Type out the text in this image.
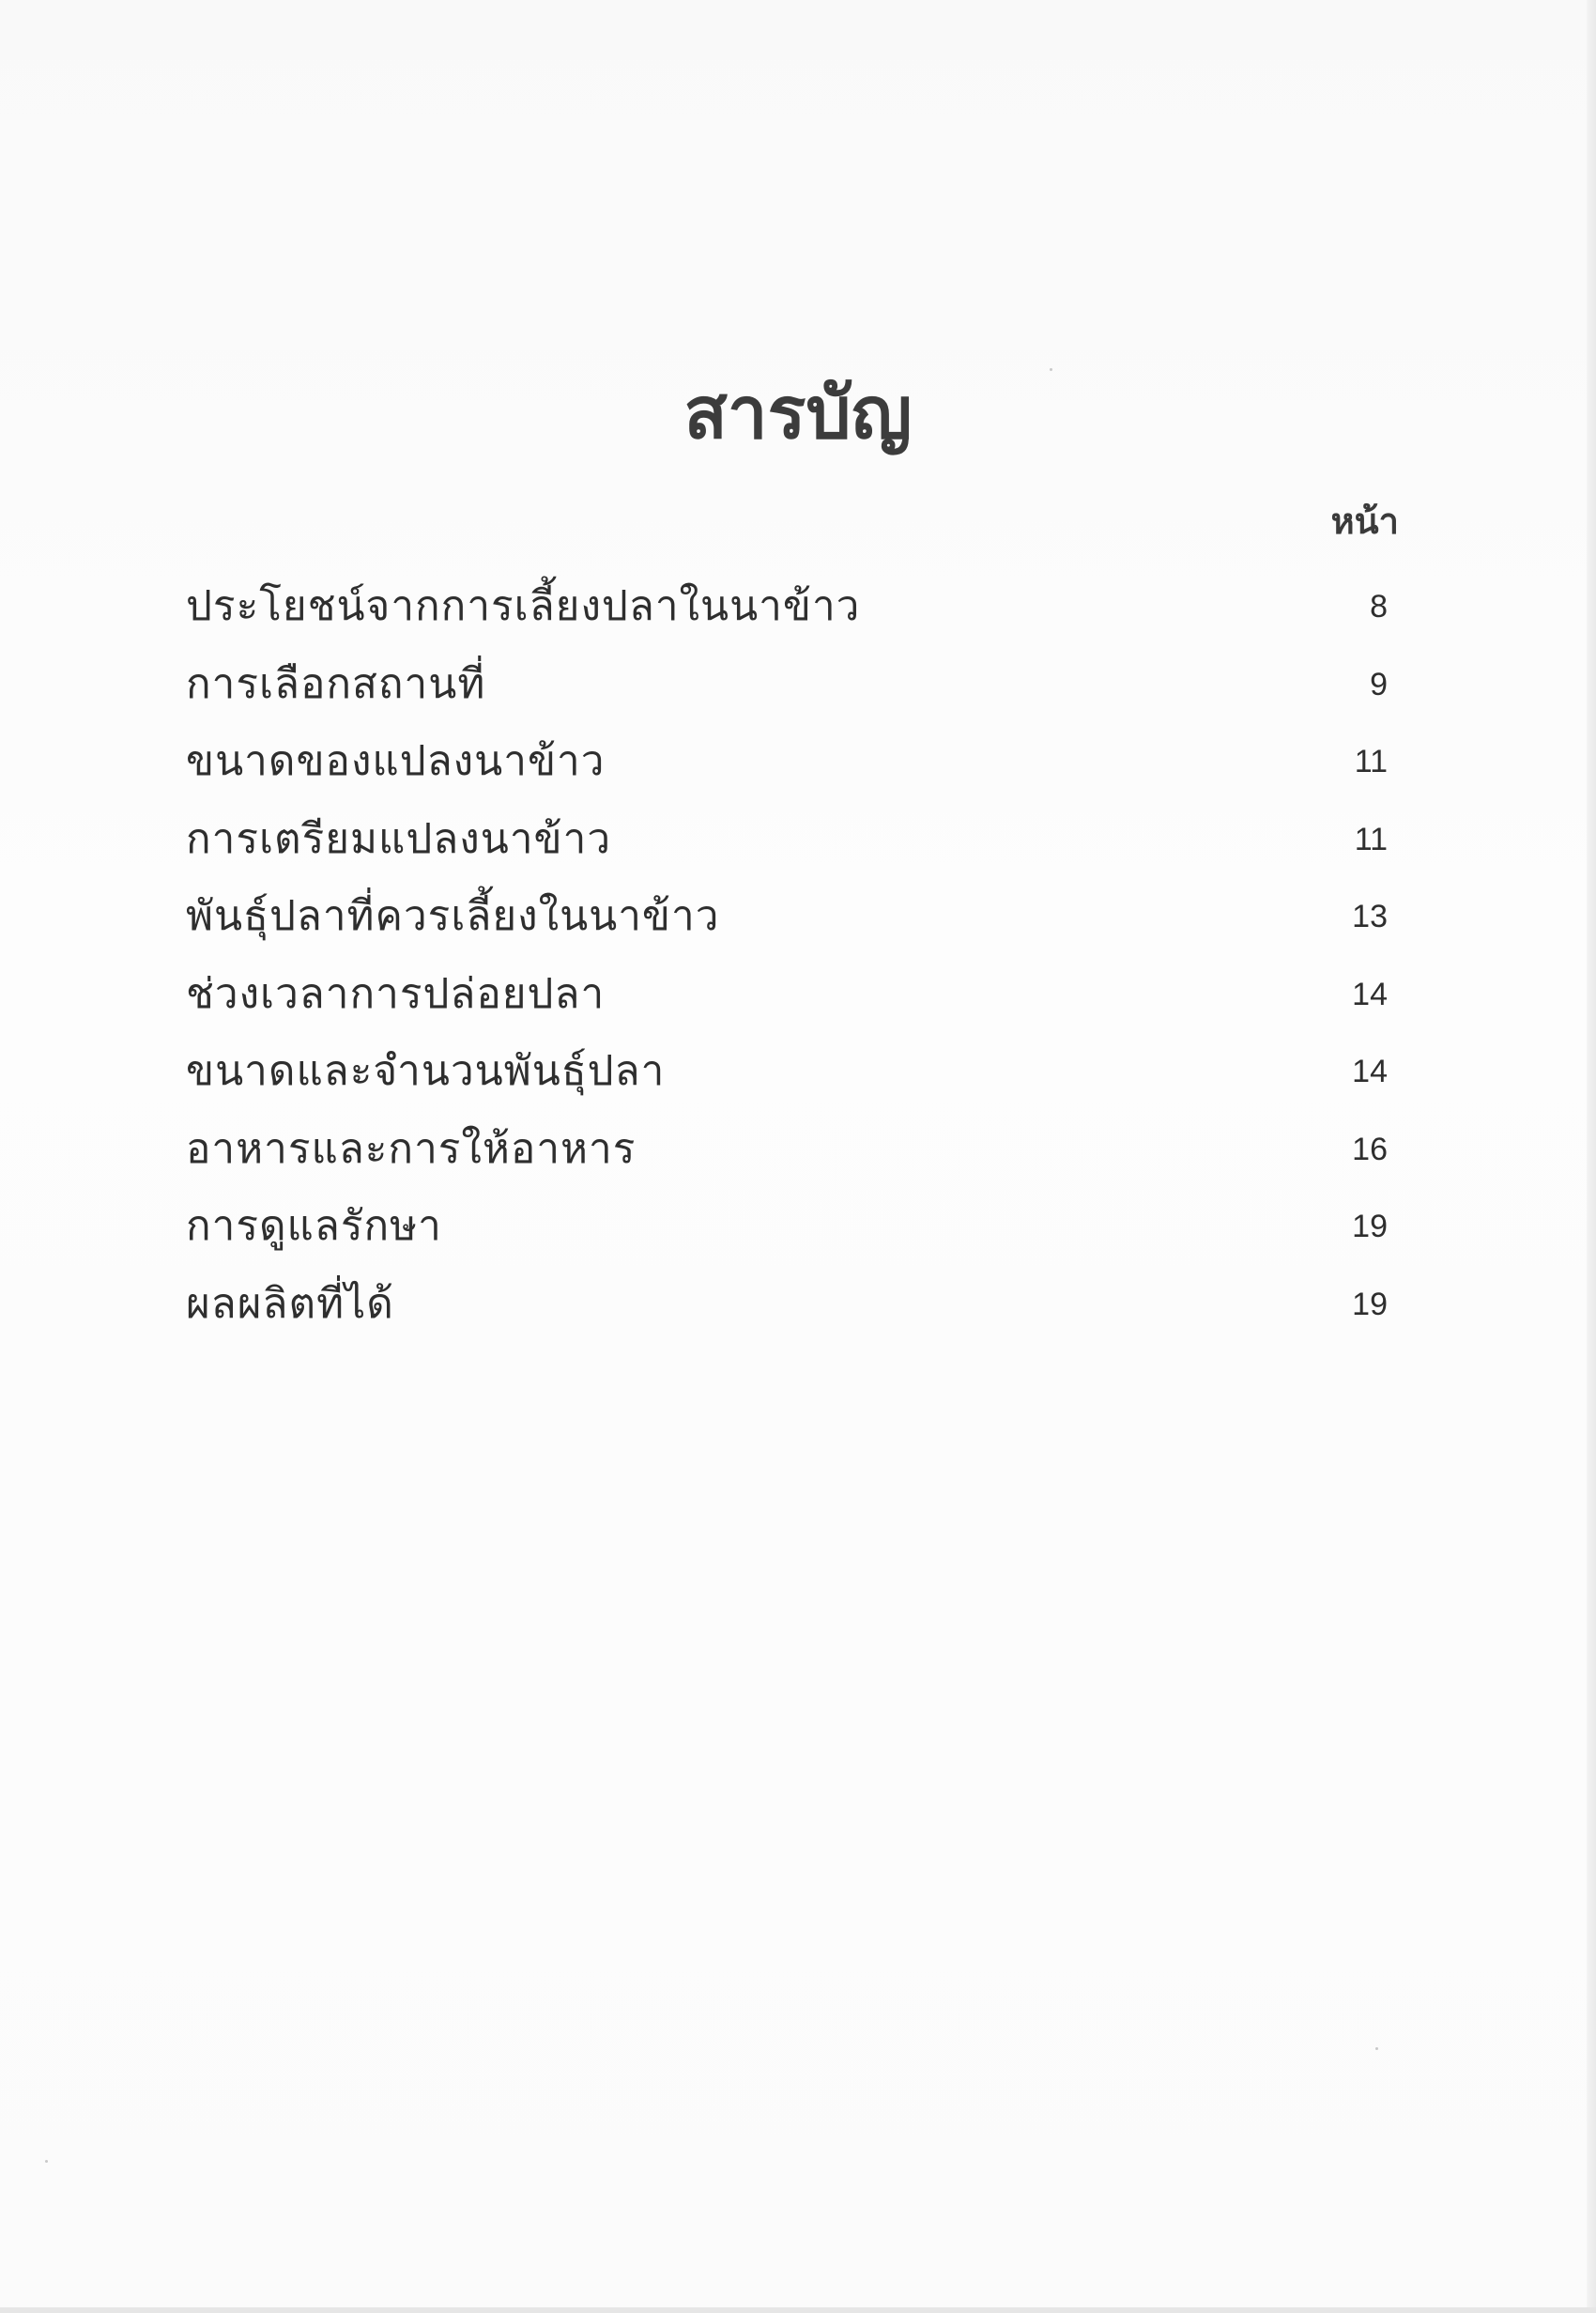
สารบัญ
หน้า
ประโยชน์จากการเลี้ยงปลาในนาข้าว	8
การเลือกสถานที่	9
ขนาดของแปลงนาข้าว	11
การเตรียมแปลงนาข้าว	11
พันธุ์ปลาที่ควรเลี้ยงในนาข้าว	13
ช่วงเวลาการปล่อยปลา	14
ขนาดและจำนวนพันธุ์ปลา	14
อาหารและการให้อาหาร	16
การดูแลรักษา	19
ผลผลิตที่ได้	19
